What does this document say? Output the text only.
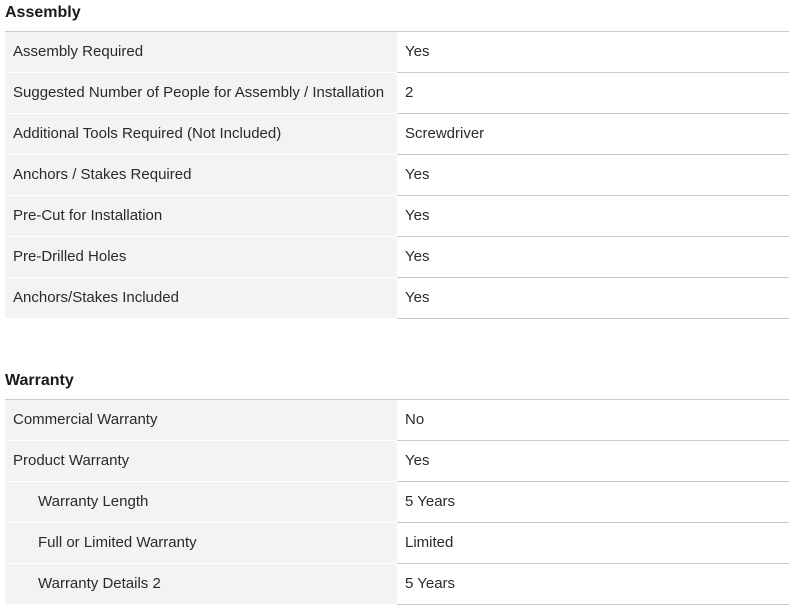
Assembly
Assembly Required	Yes
Suggested Number of People for Assembly / Installation	2
Additional Tools Required (Not Included)	Screwdriver
Anchors / Stakes Required	Yes
Pre-Cut for Installation	Yes
Pre-Drilled Holes	Yes
Anchors/Stakes Included	Yes
Warranty
Commercial Warranty	No
Product Warranty	Yes
Warranty Length	5 Years
Full or Limited Warranty	Limited
Warranty Details 2	5 Years
